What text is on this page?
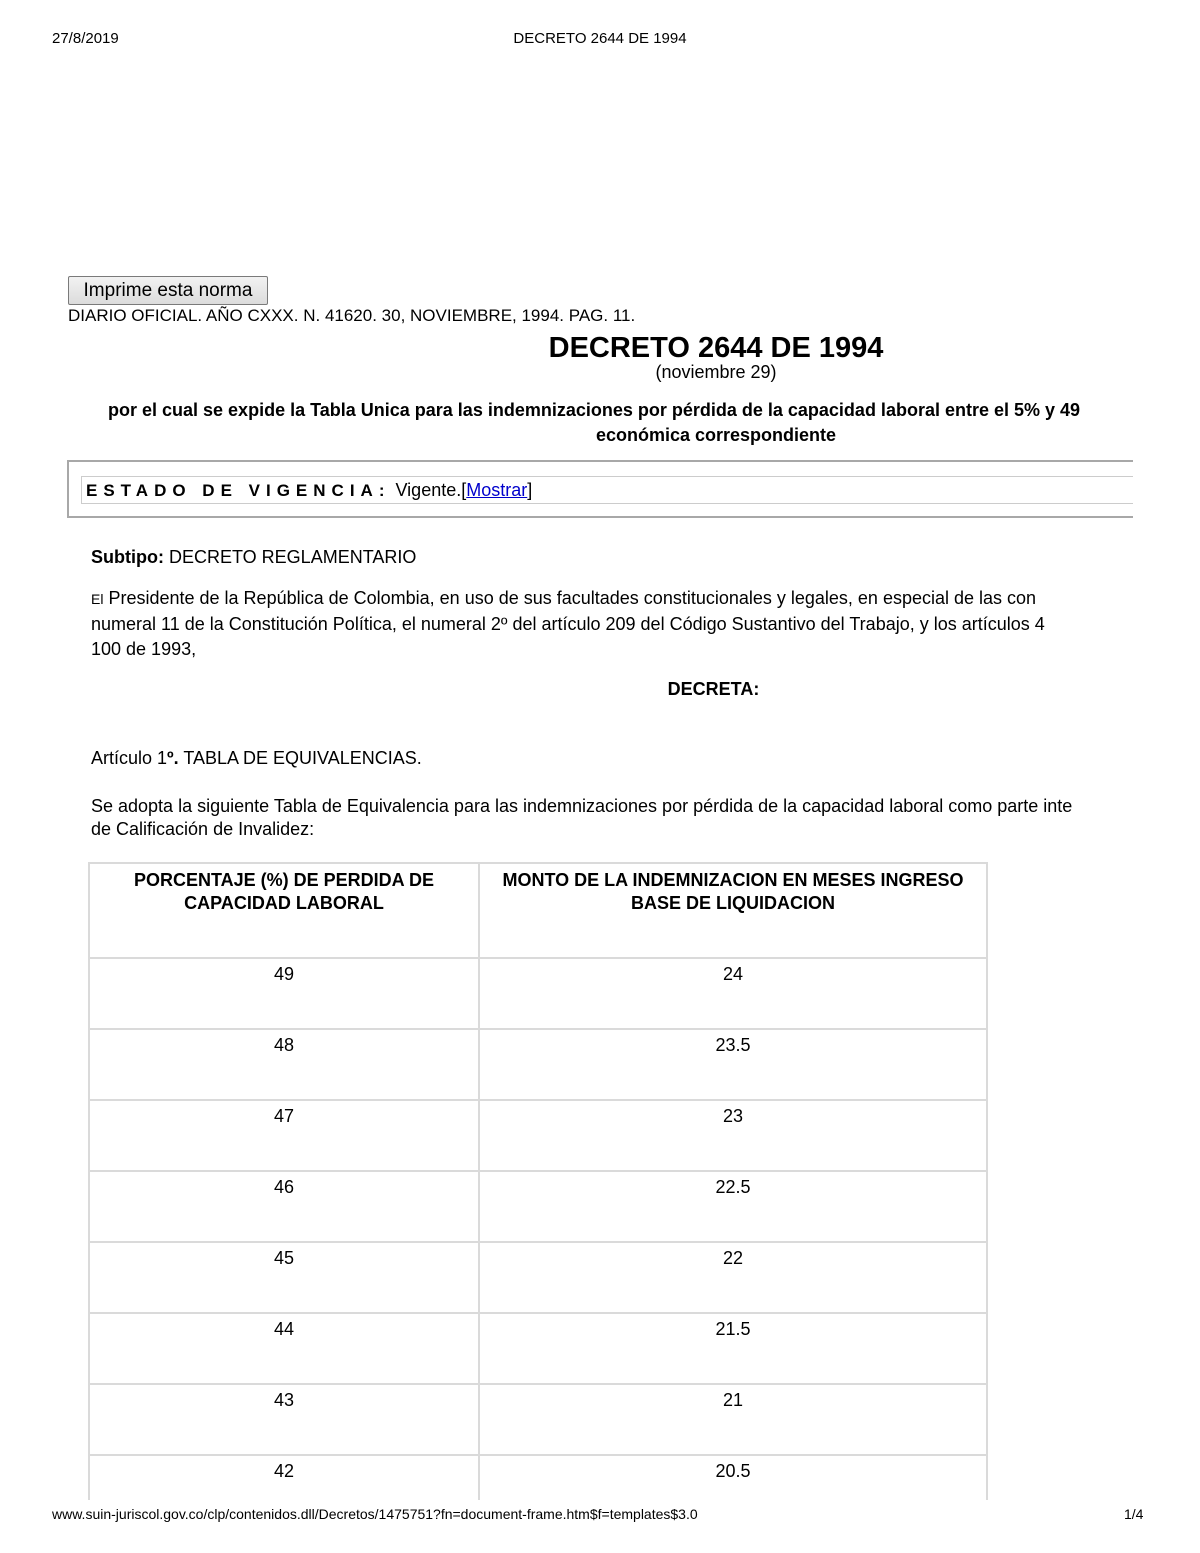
27/8/2019	DECRETO 2644 DE 1994
Imprime esta norma
DIARIO OFICIAL. AÑO CXXX. N. 41620. 30, NOVIEMBRE, 1994. PAG. 11.
DECRETO 2644 DE 1994
(noviembre 29)
por el cual se expide la Tabla Unica para las indemnizaciones por pérdida de la capacidad laboral entre el 5% y 49
económica correspondiente
ESTADO DE VIGENCIA: Vigente.[Mostrar]
Subtipo: DECRETO REGLAMENTARIO
El Presidente de la República de Colombia, en uso de sus facultades constitucionales y legales, en especial de las con
numeral 11 de la Constitución Política, el numeral 2º del artículo 209 del Código Sustantivo del Trabajo, y los artículos 4
100 de 1993,
DECRETA:
Artículo 1º. TABLA DE EQUIVALENCIAS.
Se adopta la siguiente Tabla de Equivalencia para las indemnizaciones por pérdida de la capacidad laboral como parte inte
de Calificación de Invalidez:
PORCENTAJE (%) DE PERDIDA DE CAPACIDAD LABORAL	MONTO DE LA INDEMNIZACION EN MESES INGRESO BASE DE LIQUIDACION
49	24
48	23.5
47	23
46	22.5
45	22
44	21.5
43	21
42	20.5
www.suin-juriscol.gov.co/clp/contenidos.dll/Decretos/1475751?fn=document-frame.htm$f=templates$3.0	1/4
